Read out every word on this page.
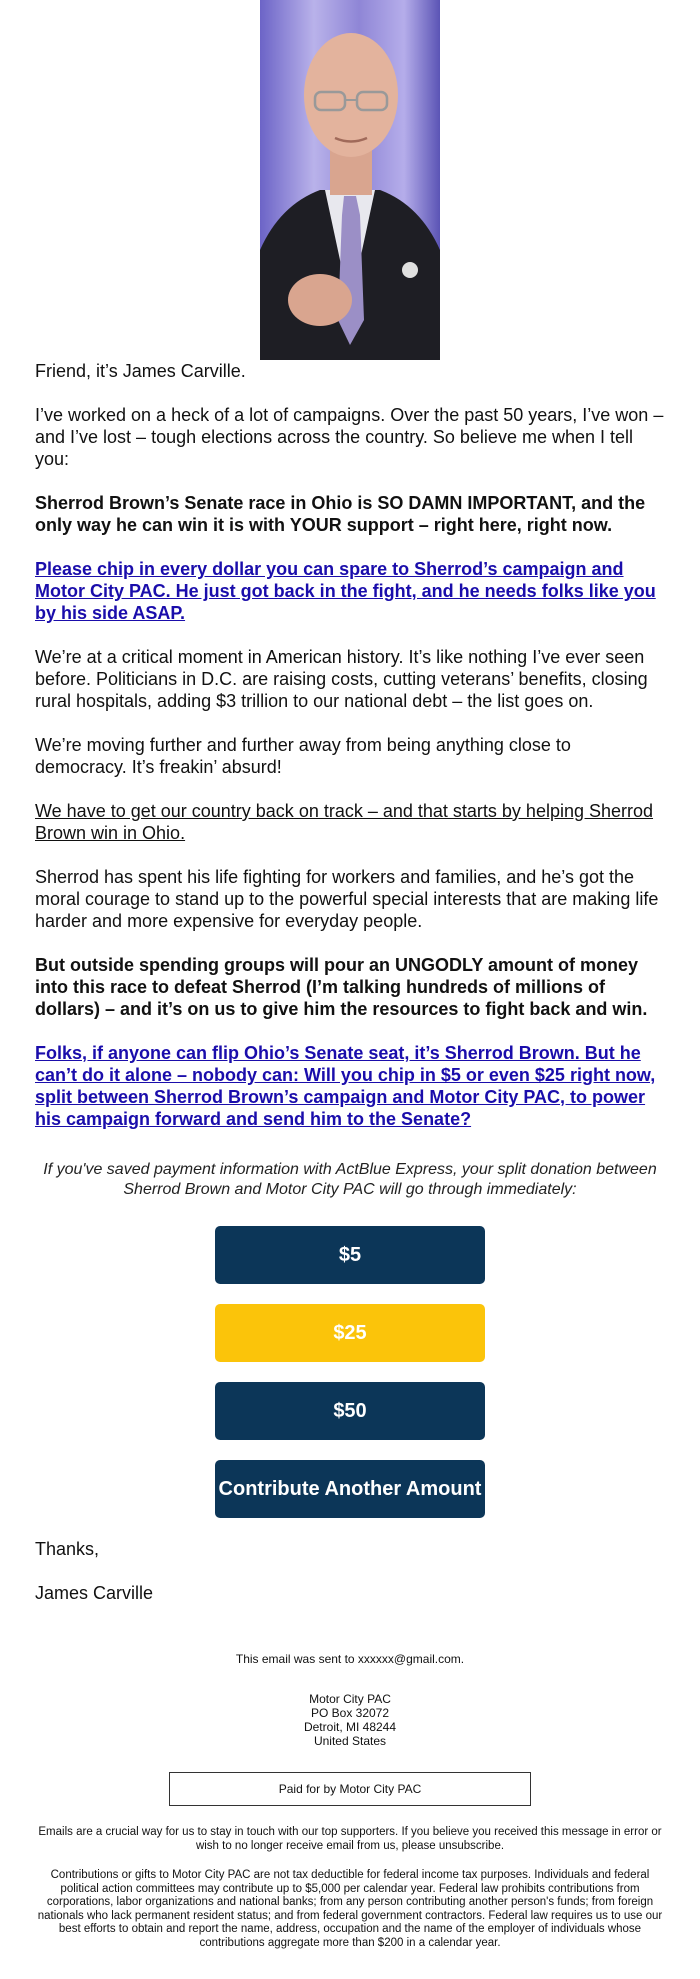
Friend, it’s James Carville.

I’ve worked on a heck of a lot of campaigns. Over the past 50 years, I’ve won – and I’ve lost – tough elections across the country. So believe me when I tell you:

Sherrod Brown’s Senate race in Ohio is SO DAMN IMPORTANT, and the only way he can win it is with YOUR support – right here, right now.

Please chip in every dollar you can spare to Sherrod’s campaign and Motor City PAC. He just got back in the fight, and he needs folks like you by his side ASAP.

We’re at a critical moment in American history. It’s like nothing I’ve ever seen before. Politicians in D.C. are raising costs, cutting veterans’ benefits, closing rural hospitals, adding $3 trillion to our national debt – the list goes on.

We’re moving further and further away from being anything close to democracy. It’s freakin’ absurd!

We have to get our country back on track – and that starts by helping Sherrod Brown win in Ohio.

Sherrod has spent his life fighting for workers and families, and he’s got the moral courage to stand up to the powerful special interests that are making life harder and more expensive for everyday people.

But outside spending groups will pour an UNGODLY amount of money into this race to defeat Sherrod (I’m talking hundreds of millions of dollars) – and it’s on us to give him the resources to fight back and win.

Folks, if anyone can flip Ohio’s Senate seat, it’s Sherrod Brown. But he can’t do it alone – nobody can: Will you chip in $5 or even $25 right now, split between Sherrod Brown’s campaign and Motor City PAC, to power his campaign forward and send him to the Senate?

If you've saved payment information with ActBlue Express, your split donation between Sherrod Brown and Motor City PAC will go through immediately:

$5
$25
$50
Contribute Another Amount

Thanks,

James Carville

This email was sent to xxxxxx@gmail.com.

Motor City PAC
PO Box 32072
Detroit, MI 48244
United States
Paid for by Motor City PAC

Emails are a crucial way for us to stay in touch with our top supporters. If you believe you received this message in error or wish to no longer receive email from us, please unsubscribe.

Contributions or gifts to Motor City PAC are not tax deductible for federal income tax purposes. Individuals and federal political action committees may contribute up to $5,000 per calendar year. Federal law prohibits contributions from corporations, labor organizations and national banks; from any person contributing another person's funds; from foreign nationals who lack permanent resident status; and from federal government contractors. Federal law requires us to use our best efforts to obtain and report the name, address, occupation and the name of the employer of individuals whose contributions aggregate more than $200 in a calendar year.
